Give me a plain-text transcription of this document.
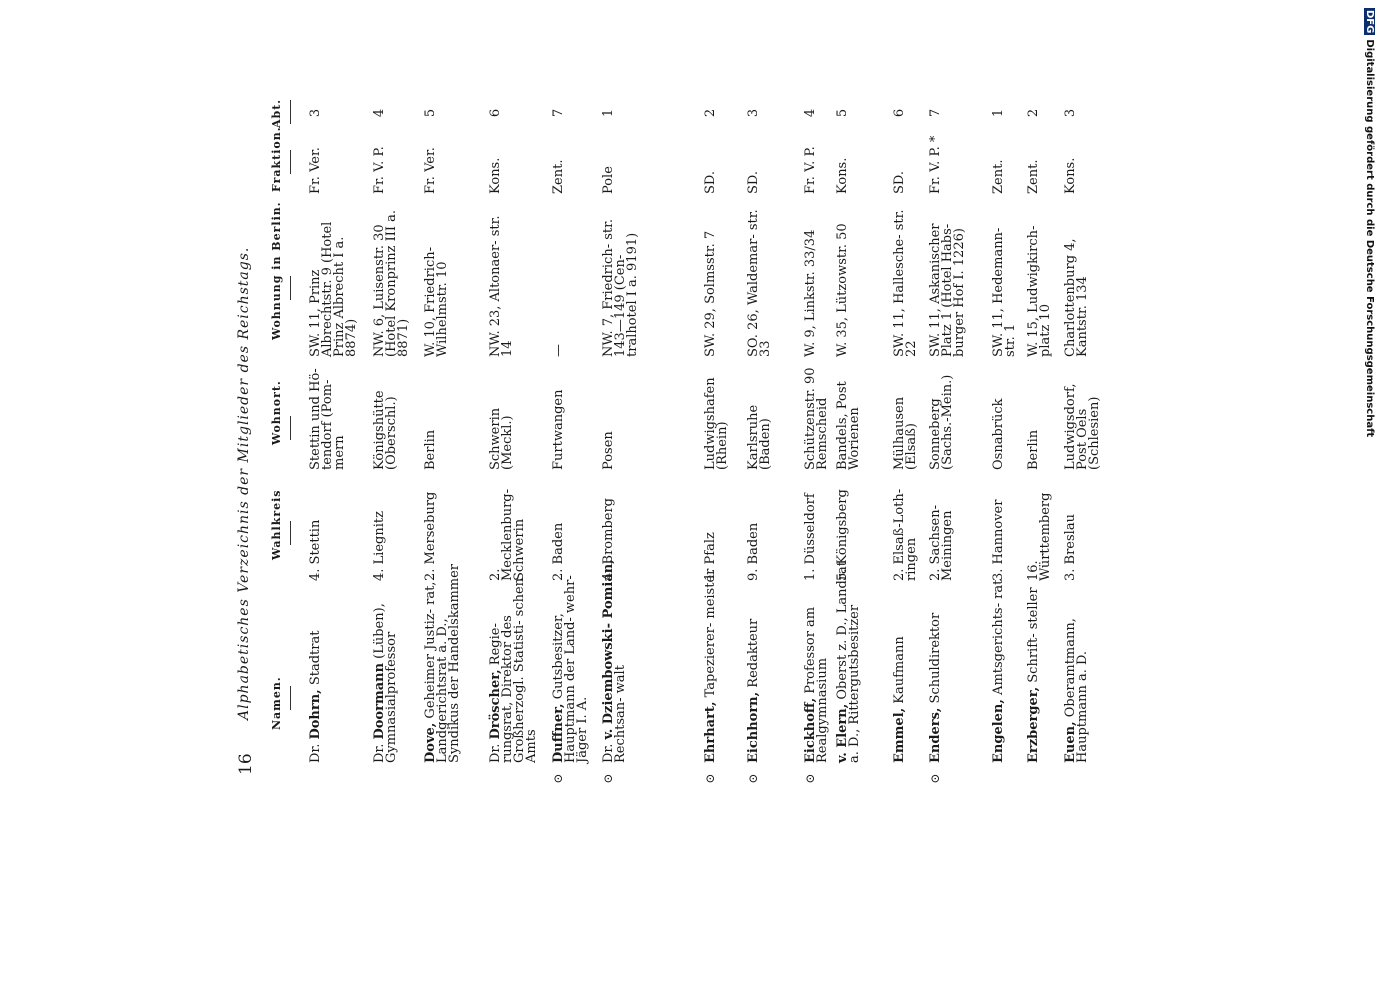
16
Alphabetisches Verzeichnis der Mitglieder des Reichstags. Namen.
Wahlkreis
Wohnort.
Wohnung in Berlin.
Fraktion.
Abt.
Dr. Dohrn, Stadtrat
4. Stettin
Stettin und Hö- tendorf (Pom- mern
SW. 11, Prinz Albrechtstr. 9 (Hotel Prinz Albrecht I a. 8874)
Fr. Ver.
3
Dr. Doormann (Lüben), Gymnasialprofessor
4. Liegnitz
Königshütte (Oberschl.)
NW. 6, Luisenstr. 30 (Hotel Kronprinz III a. 8871)
Fr. V. P.
4
Dove, Geheimer Justiz- rat, Landgerichtsrat a. D., Syndikus der Handelskammer
2. Merseburg
Berlin
W. 10, Friedrich- Wilhelmstr. 10
Fr. Ver.
5
Dr. Dröscher, Regie- rungsrat, Direktor des Großherzogl. Statisti- schen Amts
2. Mecklenburg- Schwerin
Schwerin (Meckl.)
NW. 23, Altonaer- str. 14
Kons.
6
⊙
Duffner, Gutsbesitzer, Hauptmann der Land- wehr-Jäger I. A.
2. Baden
Furtwangen
—
Zent.
7
⊙
Dr. v. Dziembowski- Pomian, Rechtsan- walt
4. Bromberg
Posen
NW. 7, Friedrich- str. 143—149 (Cen- tralhotel I a. 9191)
Pole
1
⊙
Ehrhart, Tapezierer- meister
1. Pfalz
Ludwigshafen (Rhein)
SW. 29, Solmsstr. 7
SD.
2
⊙
Eichhorn, Redakteur
9. Baden
Karlsruhe (Baden)
SO. 26, Waldemar- str. 33
SD.
3
⊙
Eickhoff, Professor am Realgymnasium
1. Düsseldorf
Schützenstr. 90 Remscheid
W. 9, Linkstr. 33/34
Fr. V. P.
4
v. Elern, Oberst z. D., Landrat a. D., Rittergutsbesitzer
5. Königsberg
Bandels, Post Worienen
W. 35, Lützowstr. 50
Kons.
5
Emmel, Kaufmann
2. Elsaß-Loth- ringen
Mülhausen (Elsaß)
SW. 11, Hallesche- str. 22
SD.
6
⊙
Enders, Schuldirektor
2. Sachsen- Meiningen
Sonneberg (Sachs.-Mein.)
SW. 11, Askanischer Platz 1 (Hotel Habs- burger Hof I. 1226)
Fr. V. P. *
7
Engelen, Amtsgerichts- rat
3. Hannover
Osnabrück
SW. 11, Hedemann- str. 1
Zent.
1
Erzberger, Schrift- steller
16. Württemberg
Berlin
W. 15, Ludwigkirch- platz 10
Zent.
2
Euen, Oberamtmann, Hauptmann a. D.
3. Breslau
Ludwigsdorf, Post Oels (Schlesien)
Charlottenburg 4, Kantstr. 134
Kons.
3
DFGDigitalisierung gefördert durch die Deutsche Forschungsgemeinschaft
